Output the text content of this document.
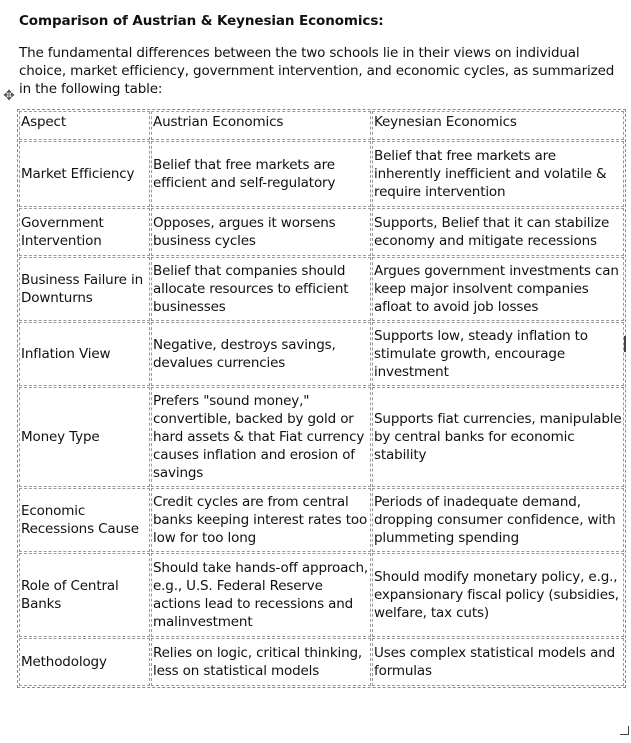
Comparison of Austrian & Keynesian Economics:
The fundamental differences between the two schools lie in their views on individual choice, market efficiency, government intervention, and economic cycles, as summarized in the following table:
✥
Aspect	Austrian Economics	Keynesian Economics
Market Efficiency	Belief that free markets are efficient and self-regulatory	Belief that free markets are inherently inefficient and volatile & require intervention
Government Intervention	Opposes, argues it worsens business cycles	Supports, Belief that it can stabilize economy and mitigate recessions
Business Failure in Downturns	Belief that companies should allocate resources to efficient businesses	Argues government investments can keep major insolvent companies afloat to avoid job losses
Inflation View	Negative, destroys savings, devalues currencies	Supports low, steady inflation to stimulate growth, encourage investment
Money Type	Prefers "sound money," convertible, backed by gold or hard assets & that Fiat currency causes inflation and erosion of savings	Supports fiat currencies, manipulable by central banks for economic stability
Economic Recessions Cause	Credit cycles are from central banks keeping interest rates too low for too long	Periods of inadequate demand, dropping consumer confidence, with plummeting spending
Role of Central Banks	Should take hands-off approach, e.g., U.S. Federal Reserve actions lead to recessions and malinvestment	Should modify monetary policy, e.g., expansionary fiscal policy (subsidies, welfare, tax cuts)
Methodology	Relies on logic, critical thinking, less on statistical models	Uses complex statistical models and formulas
